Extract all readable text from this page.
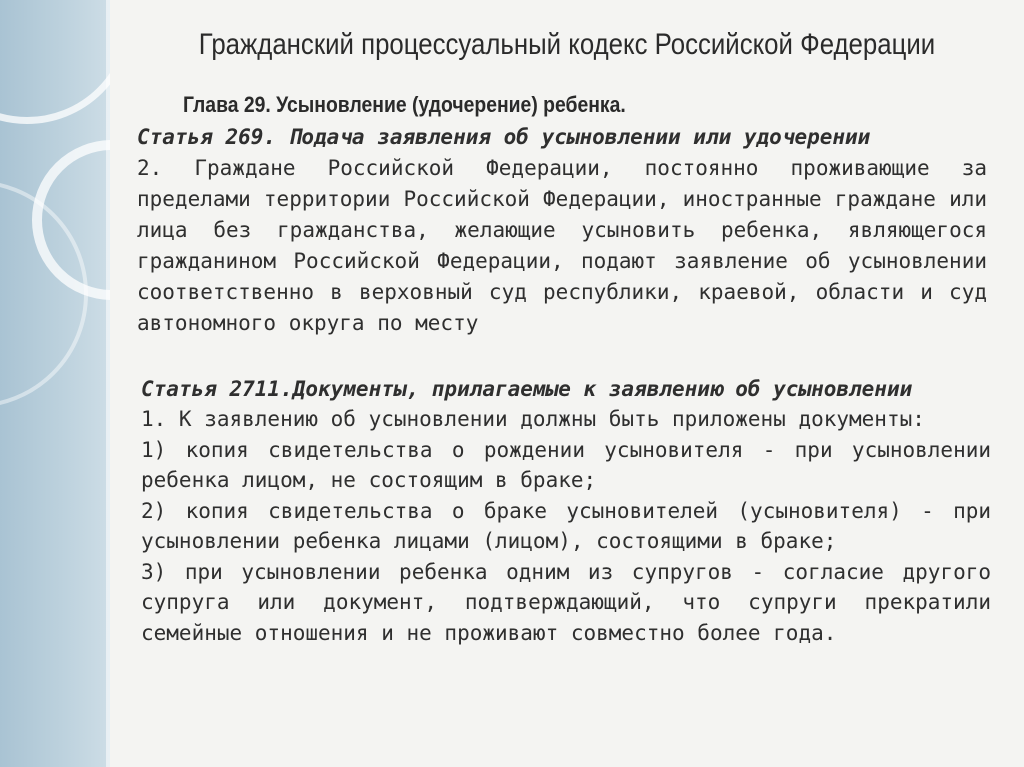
Гражданский процессуальный кодекс Российской Федерации
Глава 29. Усыновление (удочерение) ребенка.
Статья 269. Подача заявления об усыновлении или удочерении

2. Граждане Российской Федерации, постоянно проживающие за пределами территории Российской Федерации, иностранные граждане или лица без гражданства, желающие усыновить ребенка, являющегося гражданином Российской Федерации, подают заявление об усыновлении соответственно в верховный суд республики, краевой, области и суд автономного округа по месту

Статья 2711.Документы, прилагаемые к заявлению об усыновлении

1. К заявлению об усыновлении должны быть приложены документы:

1) копия свидетельства о рождении усыновителя - при усыновлении ребенка лицом, не состоящим в браке;

2) копия свидетельства о браке усыновителей (усыновителя) - при усыновлении ребенка лицами (лицом), состоящими в браке;

3) при усыновлении ребенка одним из супругов - согласие другого супруга или документ, подтверждающий, что супруги прекратили семейные отношения и не проживают совместно более года.
